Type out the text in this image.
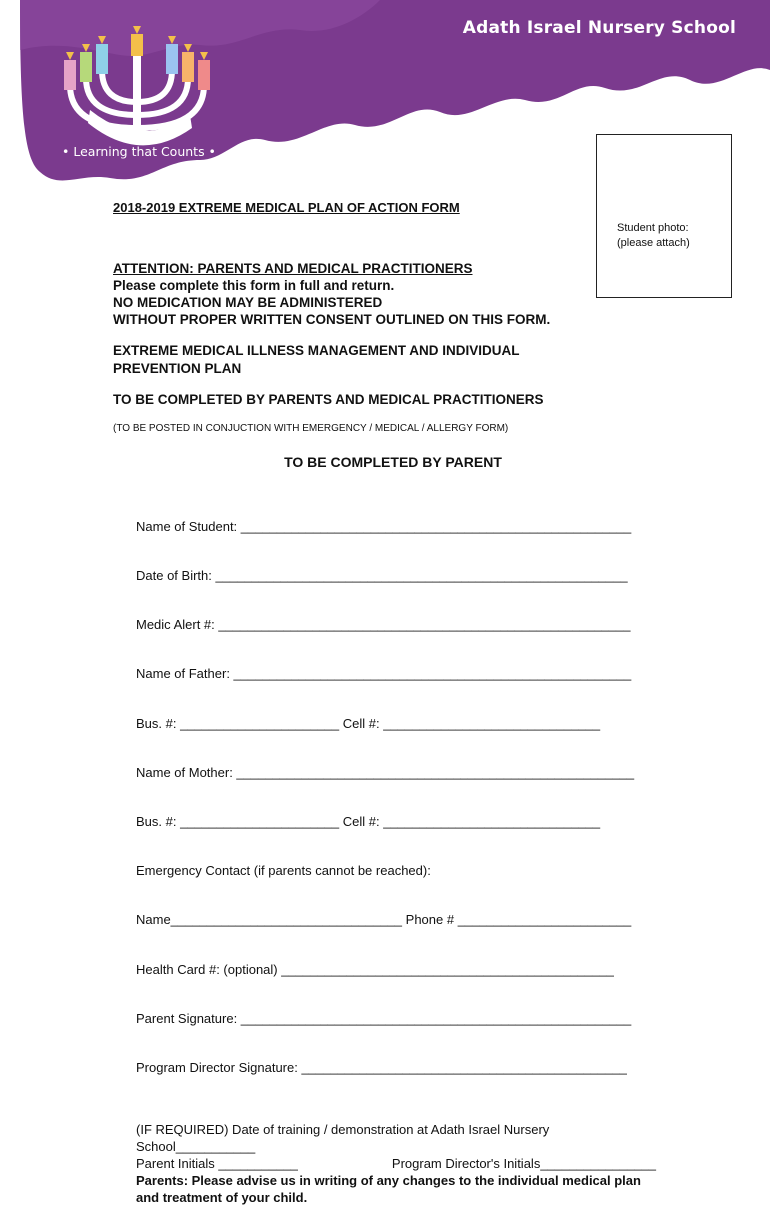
Adath Israel Nursery School
• Learning that Counts •
Student photo:
(please attach)

2018-2019 EXTREME MEDICAL PLAN OF ACTION FORM

ATTENTION: PARENTS AND MEDICAL PRACTITIONERS
Please complete this form in full and return.
NO MEDICATION MAY BE ADMINISTERED
WITHOUT PROPER WRITTEN CONSENT OUTLINED ON THIS FORM.
EXTREME MEDICAL ILLNESS MANAGEMENT AND INDIVIDUAL PREVENTION PLAN
TO BE COMPLETED BY PARENTS AND MEDICAL PRACTITIONERS
(TO BE POSTED IN CONJUCTION WITH EMERGENCY / MEDICAL / ALLERGY FORM)
TO BE COMPLETED BY PARENT

Name of Student: ______________________________________________________

Date of Birth: _________________________________________________________

Medic Alert #: _________________________________________________________

Name of Father: _______________________________________________________

Bus. #: ______________________ Cell #: ______________________________

Name of Mother: _______________________________________________________

Bus. #: ______________________ Cell #: ______________________________

Emergency Contact (if parents cannot be reached):

Name________________________________ Phone # ________________________

Health Card #: (optional) ______________________________________________

Parent Signature: ______________________________________________________

Program Director Signature: _____________________________________________

(IF REQUIRED) Date of training / demonstration at Adath Israel Nursery
School___________
Parent Initials ___________	Program Director's Initials________________
Parents: Please advise us in writing of any changes to the individual medical plan and treatment of your child.
